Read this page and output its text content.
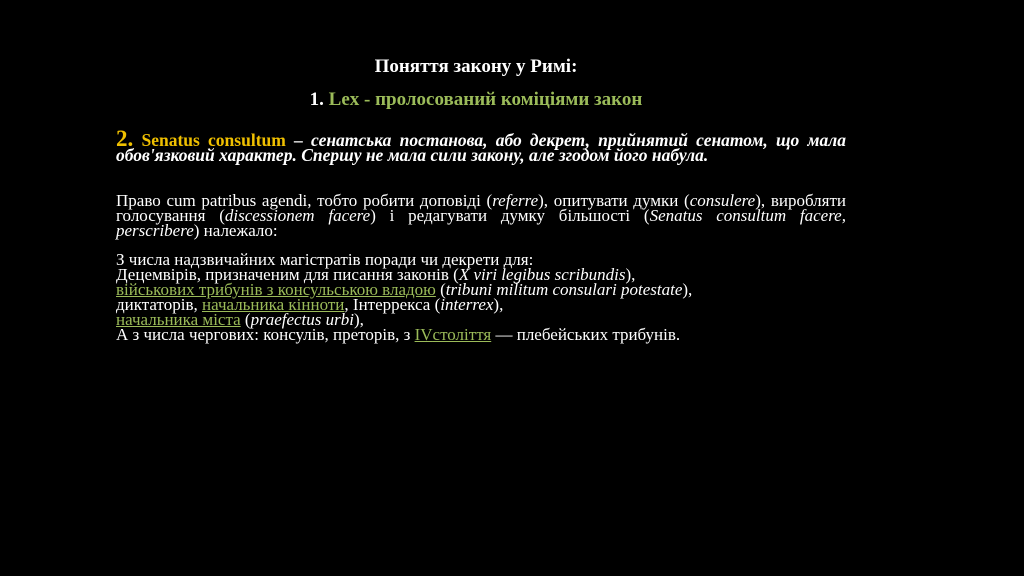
Поняття закону у Римі:
1. Lex - пролосований коміціями закон
2. Senatus consultum – сенатська постанова, або декрет, прийнятий сенатом, що мала обов'язковий характер. Спершу не мала сили закону, але згодом його набула.
Право cum patribus agendi, тобто робити доповіді (referre), опитувати думки (consulere), виробляти голосування (discessionem facere) і редагувати думку більшості (Senatus consultum facere, perscribere) належало:
З числа надзвичайних магістратів поради чи декрети для:
Децемвірів, призначеним для писання законів (X viri legibus scribundis),
військових трибунів з консульською владою (tribuni militum consulari potestate),
диктаторів, начальника кінноти, Інтеррекса (interrex),
начальника міста (praefectus urbi),
А з числа чергових: консулів, преторів, з IVстоліття — плебейських трибунів.
